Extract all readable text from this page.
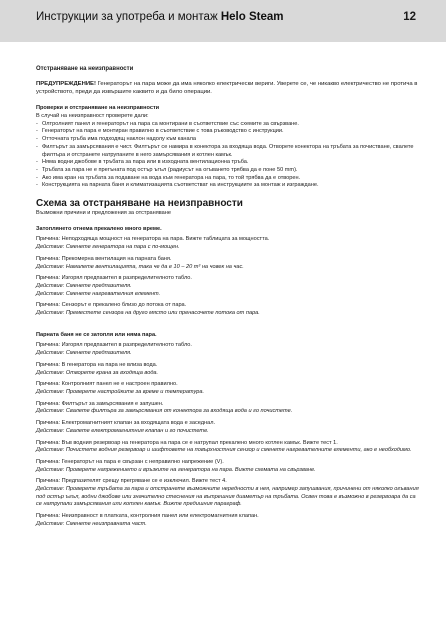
Инструкции за употреба и монтаж Helo Steam	12
Отстраняване на неизправности
ПРЕДУПРЕЖДЕНИЕ! Генераторът на пара може да има няколко електрически вериги. Уверете се, че никакво електричество не протича в устройството, преди да извършите каквито и да било операции.

Проверки и отстраняване на неизправности

В случай на неизправност проверете дали:

- Олтролният панел и генераторът на пара са монтирани в съответствие със схемите за свързване.
- Генераторът на пара е монтиран правилно в съответствие с това ръководство с инструкции.
- Отточната тръба има подходящ наклон надолу към канала
- Филтърът за замърсявания е чист. Филтърът се намира в конектора за входяща вода. Отворете конектора на тръбата за почистване, свалете филтъра и отстранете натрупаните в него замърсявания и котлен камък.
- Няма водни джобове в тръбата за пара или в изходната вентилационна тръба.
- Тръбата за пара не е прегъната под остър ъгъл (радиусът на огъването трябва да е поне 50 mm).
- Ако има кран на тръбата за подаване на вода към генератора на пара, то той трябва да е отворен.
- Конструкцията на парната баня и климатизацията съответстват на инструкциите за монтаж и изграждане.
Схема за отстраняване на неизправности

Възможни причини и предложения за отстраняване

Затоплянето отнема прекалено много време.

Причина: Неподходяща мощност на генератора на пара. Вижте таблицата за мощността.

Действие: Сменете генератора на пара с по-мощен.

Причина: Прекомерна вентилация на парната баня.

Действие: Намалете вентилацията, така че да е 10 – 20 m³ на човек на час.

Причина: Изгорял предпазител в разпределителното табло.

Действие: Сменете предпазителя.
Действие: Сменете нагревателния елемент.

Причина: Сензорът е прекалено близо до потока от пара.

Действие: Преместете сензора на друго място или пренасочете потока от пара.

Парната баня не се затопля или няма пара.

Причина: Изгорял предпазител в разпределителното табло.

Действие: Сменете предпазителя.

Причина: В генератора на пара не влиза вода.

Действие: Отворете крана за входяща вода.

Причина: Контролният панел не е настроен правилно.

Действие: Проверете настройките за време и температура.

Причина: Филтърът за замърсявания е запушен.

Действие: Свалете филтъра за замърсявания от конектора за входяща вода и го почистете.

Причина: Електромагнитният клапан за входящата вода е заседнал.

Действие: Свалете електромагнитния клапан и го почистете.

Причина: Във водния резервоар на генератора на пара се е натрупал прекалено много котлен камък. Вижте тест 1.

Действие: Почистете водния резервоар и шифтовете на повърхностния сензор и сменете нагревателните елементи, ако е необходимо.

Причина: Генераторът на пара е свързан с неправилно напрежение (V).

Действие: Проверете напрежението и връзките на генератора на пара. Вижте схемата на свързване.

Причина: Предпазителят срещу прегряване се е изключил. Вижте тест 4.

Действие: Проверете тръбата за пара и отстранете възможните нередности в нея, например запушвания, причинени от няколко огъвания под остър ъгъл, водни джобове или значително стеснения на вътрешния диаметър на тръбата. Освен това е възможно в резервоара да са се натрупали замърсявания или котлен камък. Вижте предишния параграф.

Причина: Неизправност в платката, контролния панел или електромагнитния клапан.

Действие: Сменете неизправната част.
